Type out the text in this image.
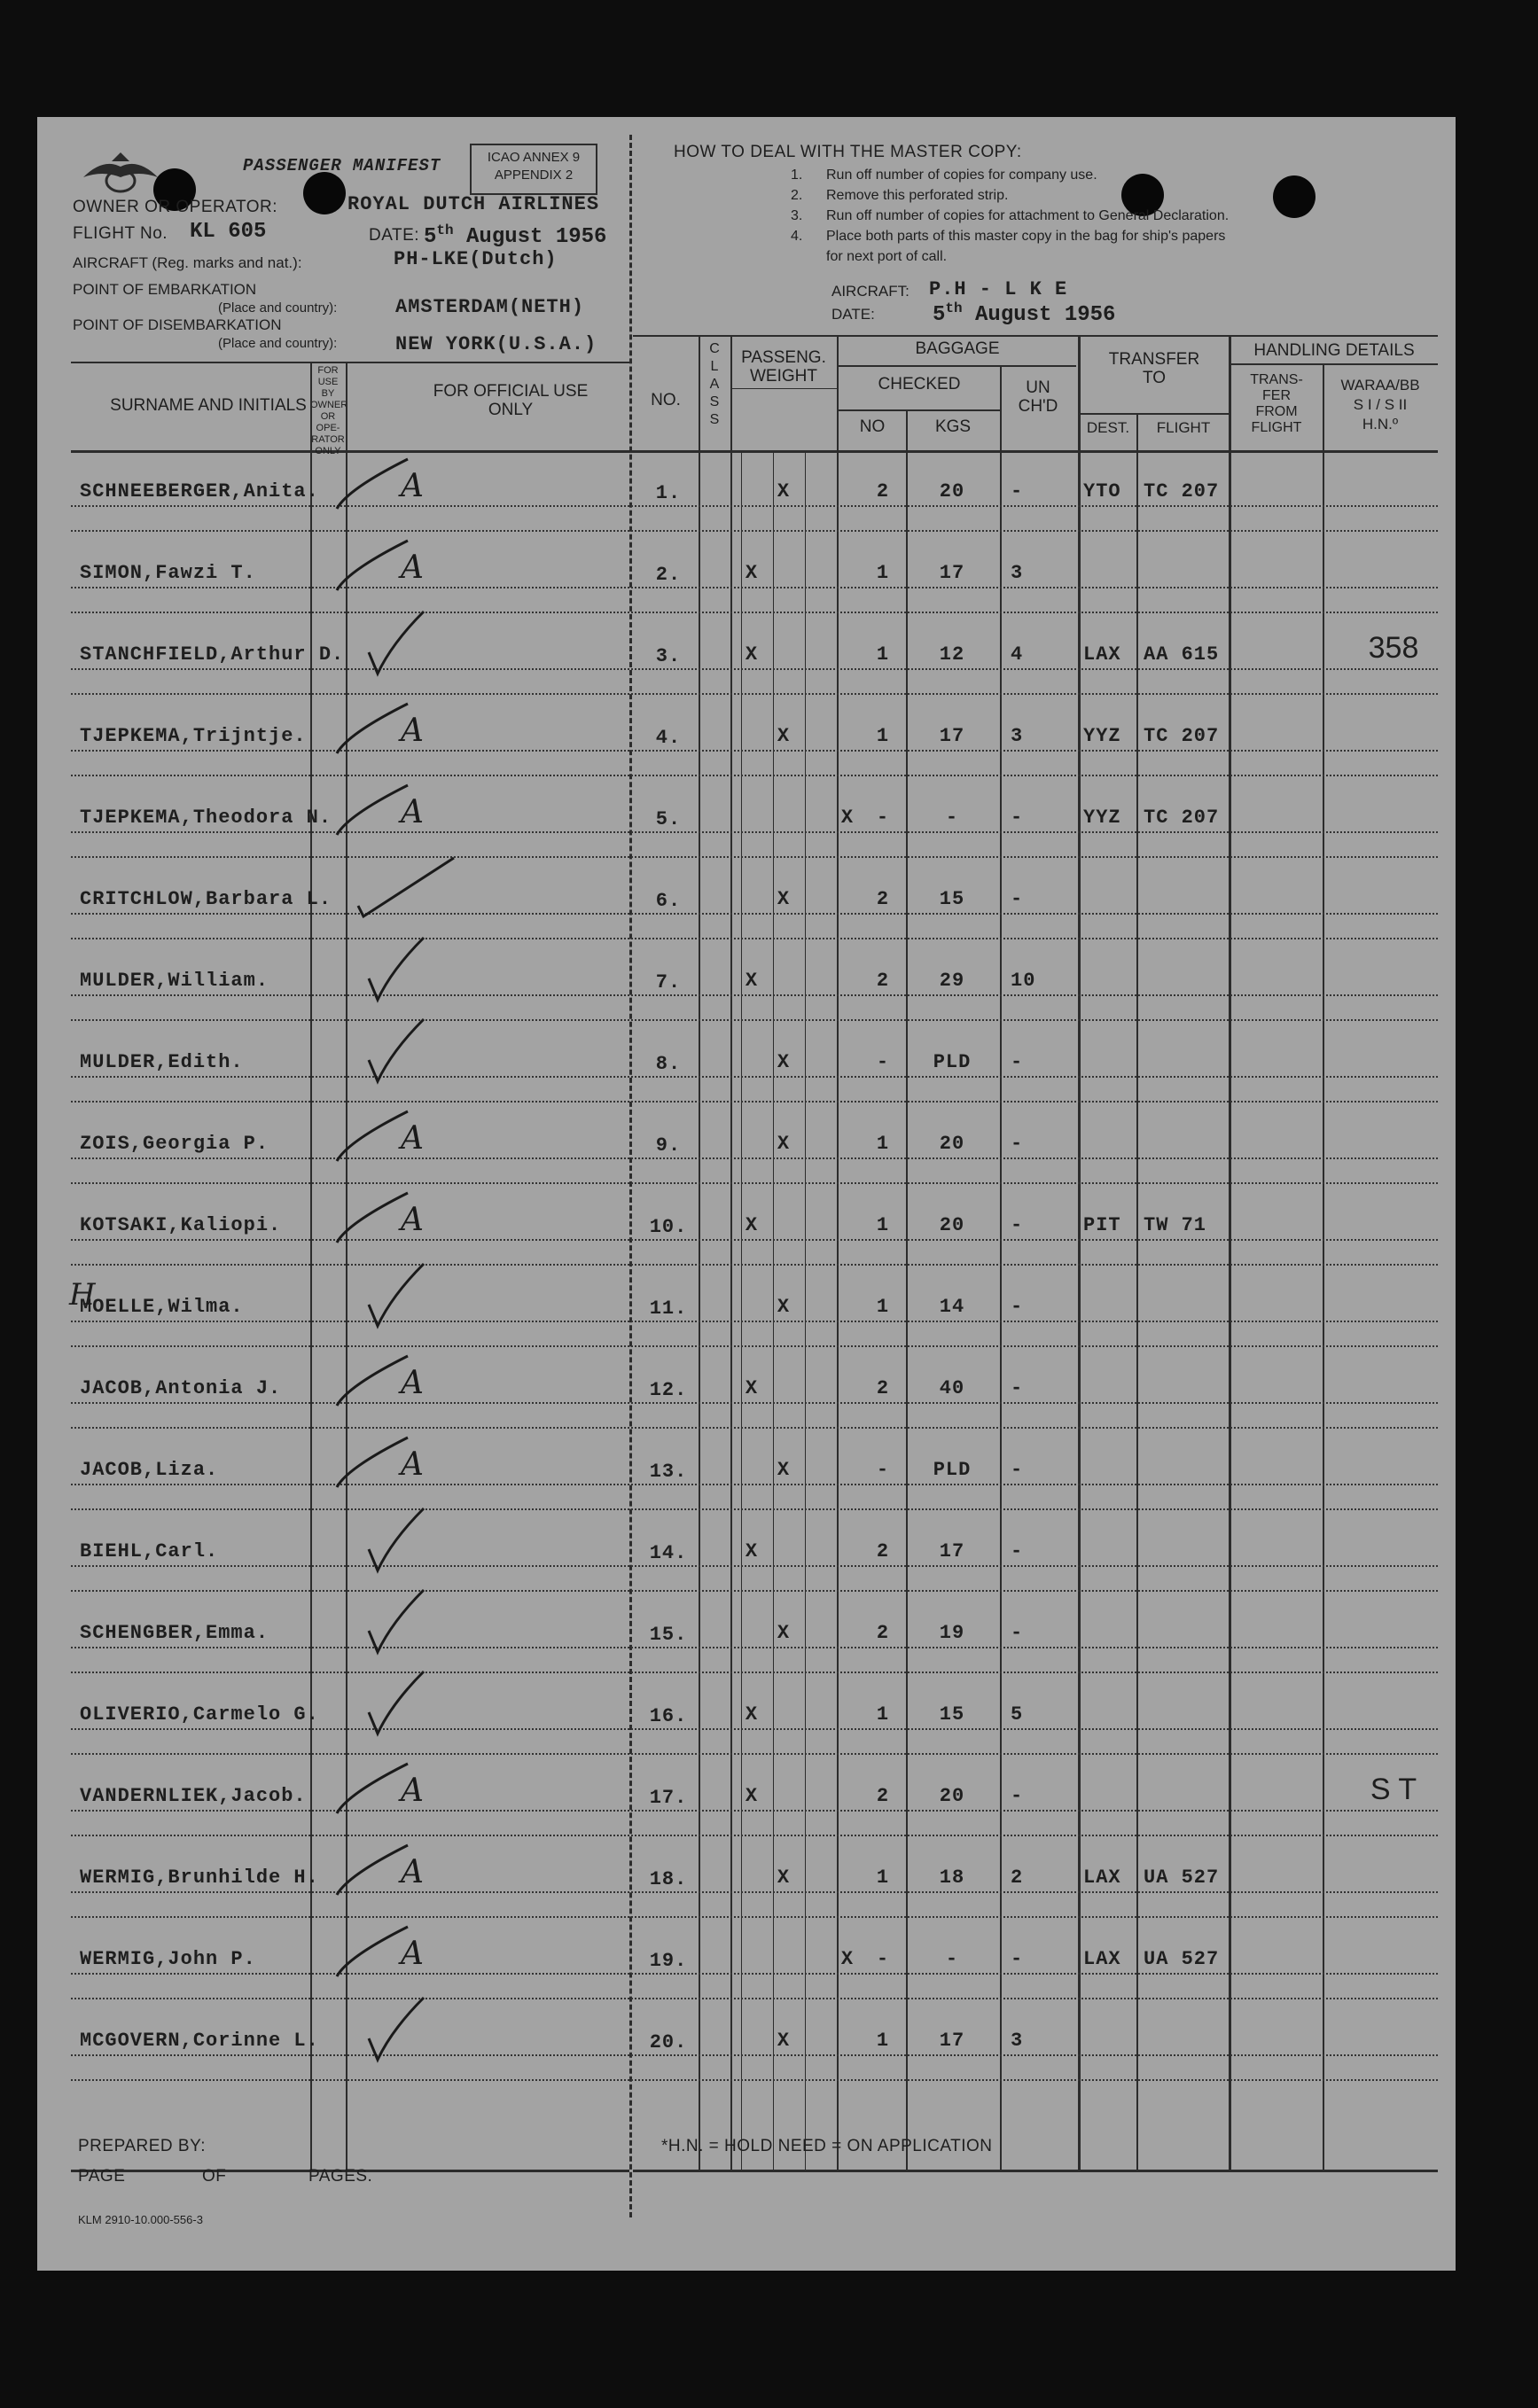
PASSENGER MANIFEST	ICAO ANNEX 9
APPENDIX 2
OWNER OR OPERATOR:	ROYAL DUTCH AIRLINES
FLIGHT No. KL 605	DATE: 5th August 1956
AIRCRAFT (Reg. marks and nat.):	PH-LKE(Dutch)
POINT OF EMBARKATION
(Place and country):	AMSTERDAM(NETH)
POINT OF DISEMBARKATION
(Place and country):	NEW YORK(U.S.A.)
HOW TO DEAL WITH THE MASTER COPY:
1. Run off number of copies for company use.
2. Remove this perforated strip.
3. Run off number of copies for attachment to General Declaration.
4. Place both parts of this master copy in the bag for ship's papers
for next port of call.
AIRCRAFT: P.H - L K E
DATE:	5th August 1956
SURNAME AND INITIALS
FOR USE
BY
OWNER
OR OPE-
RATOR
ONLY
FOR OFFICIAL USE
ONLY
NO.
C
L
A
S
S
PASSENG.
WEIGHT
BAGGAGE
CHECKED
NO	KGS
UN
CH'D
TRANSFER
TO
DEST.	FLIGHT
HANDLING DETAILS
TRANS-
FER
FROM
FLIGHT
WARAA/BB
S I / S II
H.N.º
SCHNEEBERGER,Anita.	1.	X	2	20 -	YTO TC 207
SIMON,Fawzi T.	2.	X	1	17 3
STANCHFIELD,Arthur D.	3.	X	1	12 4	LAX AA 615	358
TJEPKEMA,Trijntje.	4.	X	1	17 3	YYZ TC 207
TJEPKEMA,Theodora N.	5.	X -	-	-	YYZ TC 207
CRITCHLOW,Barbara L.	6.	X	2	15 -
MULDER,William.	7.	X	2	29 10
MULDER,Edith.	8.	X	- PLD -
ZOIS,Georgia P.	9.	X	1	20 -
KOTSAKI,Kaliopi.	10.	X	1	20 -	PIT TW 71
MOELLE,Wilma.	11.	X	1	14 -
JACOB,Antonia J.	12.	X	2	40 -
JACOB,Liza.	13.	X	- PLD -
BIEHL,Carl.	14.	X	2	17 -
SCHENGBER,Emma.	15.	X	2	19 -
OLIVERIO,Carmelo G.	16.	X	1	15 5
VANDERNLIEK,Jacob.	17.	X	2	20 -	S T
WERMIG,Brunhilde H.	18.	X	1	18 2	LAX UA 527
WERMIG,John P.	19.	X -	-	-	LAX UA 527
MCGOVERN,Corinne L.	20.	X	1	17 3
A
A
A
A
A
A
A
A
A
A
A
PREPARED BY:
PAGE	OF	PAGES.
KLM 2910-10.000-556-3
*H.N. = HOLD NEED = ON APPLICATION
H
